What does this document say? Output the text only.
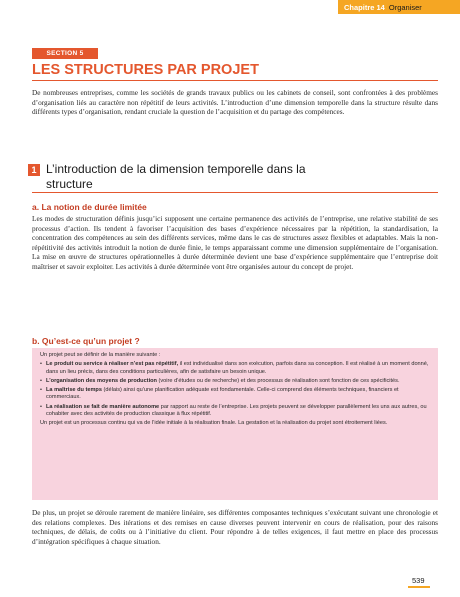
Chapitre 14 Organiser
SECTION 5
LES STRUCTURES PAR PROJET

De nombreuses entreprises, comme les sociétés de grands travaux publics ou les cabinets de conseil, sont confrontées à des problèmes d’organisation liés au caractère non répétitif de leurs activités. L’introduction d’une dimension temporelle dans la structure résulte dans différents types d’organisation, rendant cruciale la question de l’acquisition et du partage des compétences.

1 L’introduction de la dimension temporelle dans la structure
a. La notion de durée limitée

Les modes de structuration définis jusqu’ici supposent une certaine permanence des activités de l’entreprise, une relative stabilité de ses processus d’action. Ils tendent à favoriser l’acquisition des bases d’expérience nécessaires par la répétition, la standardisation, la concentration des compétences au sein des différents services, même dans le cas de structures assez flexibles et adaptables. Mais la non-répétitivité des activités introduit la notion de durée finie, le temps apparaissant comme une dimension supplémentaire de l’organisation. La mise en œuvre de structures opérationnelles à durée déterminée devient une base d’expérience supplémentaire que l’entreprise doit maîtriser et savoir exploiter. Les activités à durée déterminée vont être organisées autour du concept de projet.

b. Qu’est-ce qu’un projet ?
Un projet peut se définir de la manière suivante :
• Le produit ou service à réaliser n’est pas répétitif, il est individualisé dans son exécution, parfois dans sa conception. Il est réalisé à un moment donné, dans un lieu précis, dans des conditions particulières, afin de satisfaire un besoin unique.
• L’organisation des moyens de production (voire d’études ou de recherche) et des processus de réalisation sont fonction de ces spécificités.
• La maîtrise du temps (délais) ainsi qu’une planification adéquate est fondamentale. Celle-ci comprend des éléments techniques, financiers et commerciaux.
• La réalisation se fait de manière autonome par rapport au reste de l’entreprise. Les projets peuvent se développer parallèlement les uns aux autres, ou cohabiter avec des activités de production classique à flux répétitif.
Un projet est un processus continu qui va de l’idée initiale à la réalisation finale. La gestation et la réalisation du projet sont étroitement liées.

De plus, un projet se déroule rarement de manière linéaire, ses différentes composantes techniques s’exécutant suivant une chronologie et des relations complexes. Des itérations et des remises en cause diverses peuvent intervenir en cours de réalisation, pour des raisons techniques, de délais, de coûts ou à l’initiative du client. Pour répondre à de telles exigences, il faut mettre en place des processus d’intégration spécifiques à chaque situation.

539
